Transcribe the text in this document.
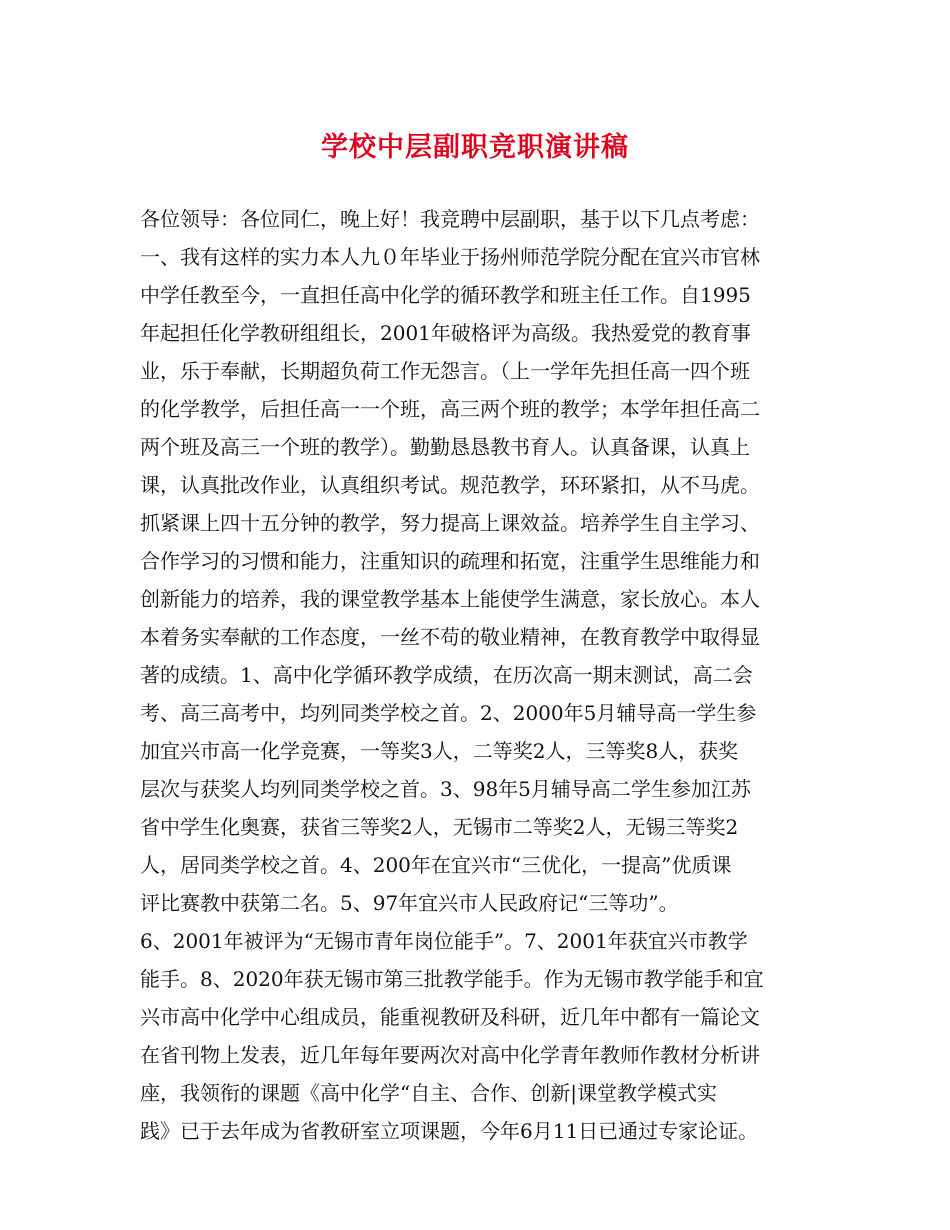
学校中层副职竞职演讲稿
各位领导：各位同仁，晚上好！我竞聘中层副职，基于以下几点考虑：
一、我有这样的实力本人九０年毕业于扬州师范学院分配在宜兴市官林
中学任教至今，一直担任高中化学的循环教学和班主任工作。自1995
年起担任化学教研组组长，2001年破格评为高级。我热爱党的教育事
业，乐于奉献，长期超负荷工作无怨言。（上一学年先担任高一四个班
的化学教学，后担任高一一个班，高三两个班的教学；本学年担任高二
两个班及高三一个班的教学）。勤勤恳恳教书育人。认真备课，认真上
课，认真批改作业，认真组织考试。规范教学，环环紧扣，从不马虎。
抓紧课上四十五分钟的教学，努力提高上课效益。培养学生自主学习、
合作学习的习惯和能力，注重知识的疏理和拓宽，注重学生思维能力和
创新能力的培养，我的课堂教学基本上能使学生满意，家长放心。本人
本着务实奉献的工作态度，一丝不苟的敬业精神，在教育教学中取得显
著的成绩。1、高中化学循环教学成绩，在历次高一期末测试，高二会
考、高三高考中，均列同类学校之首。2、2000年5月辅导高一学生参
加宜兴市高一化学竞赛，一等奖3人，二等奖2人，三等奖8人，获奖
层次与获奖人均列同类学校之首。3、98年5月辅导高二学生参加江苏
省中学生化奥赛，获省三等奖2人，无锡市二等奖2人，无锡三等奖2
人，居同类学校之首。4、200年在宜兴市“三优化，一提高”优质课
评比赛教中获第二名。5、97年宜兴市人民政府记“三等功”。
6、2001年被评为“无锡市青年岗位能手”。7、2001年获宜兴市教学
能手。8、2020年获无锡市第三批教学能手。作为无锡市教学能手和宜
兴市高中化学中心组成员，能重视教研及科研，近几年中都有一篇论文
在省刊物上发表，近几年每年要两次对高中化学青年教师作教材分析讲
座，我领衔的课题《高中化学“自主、合作、创新|课堂教学模式实
践》已于去年成为省教研室立项课题，今年6月11日已通过专家论证。
